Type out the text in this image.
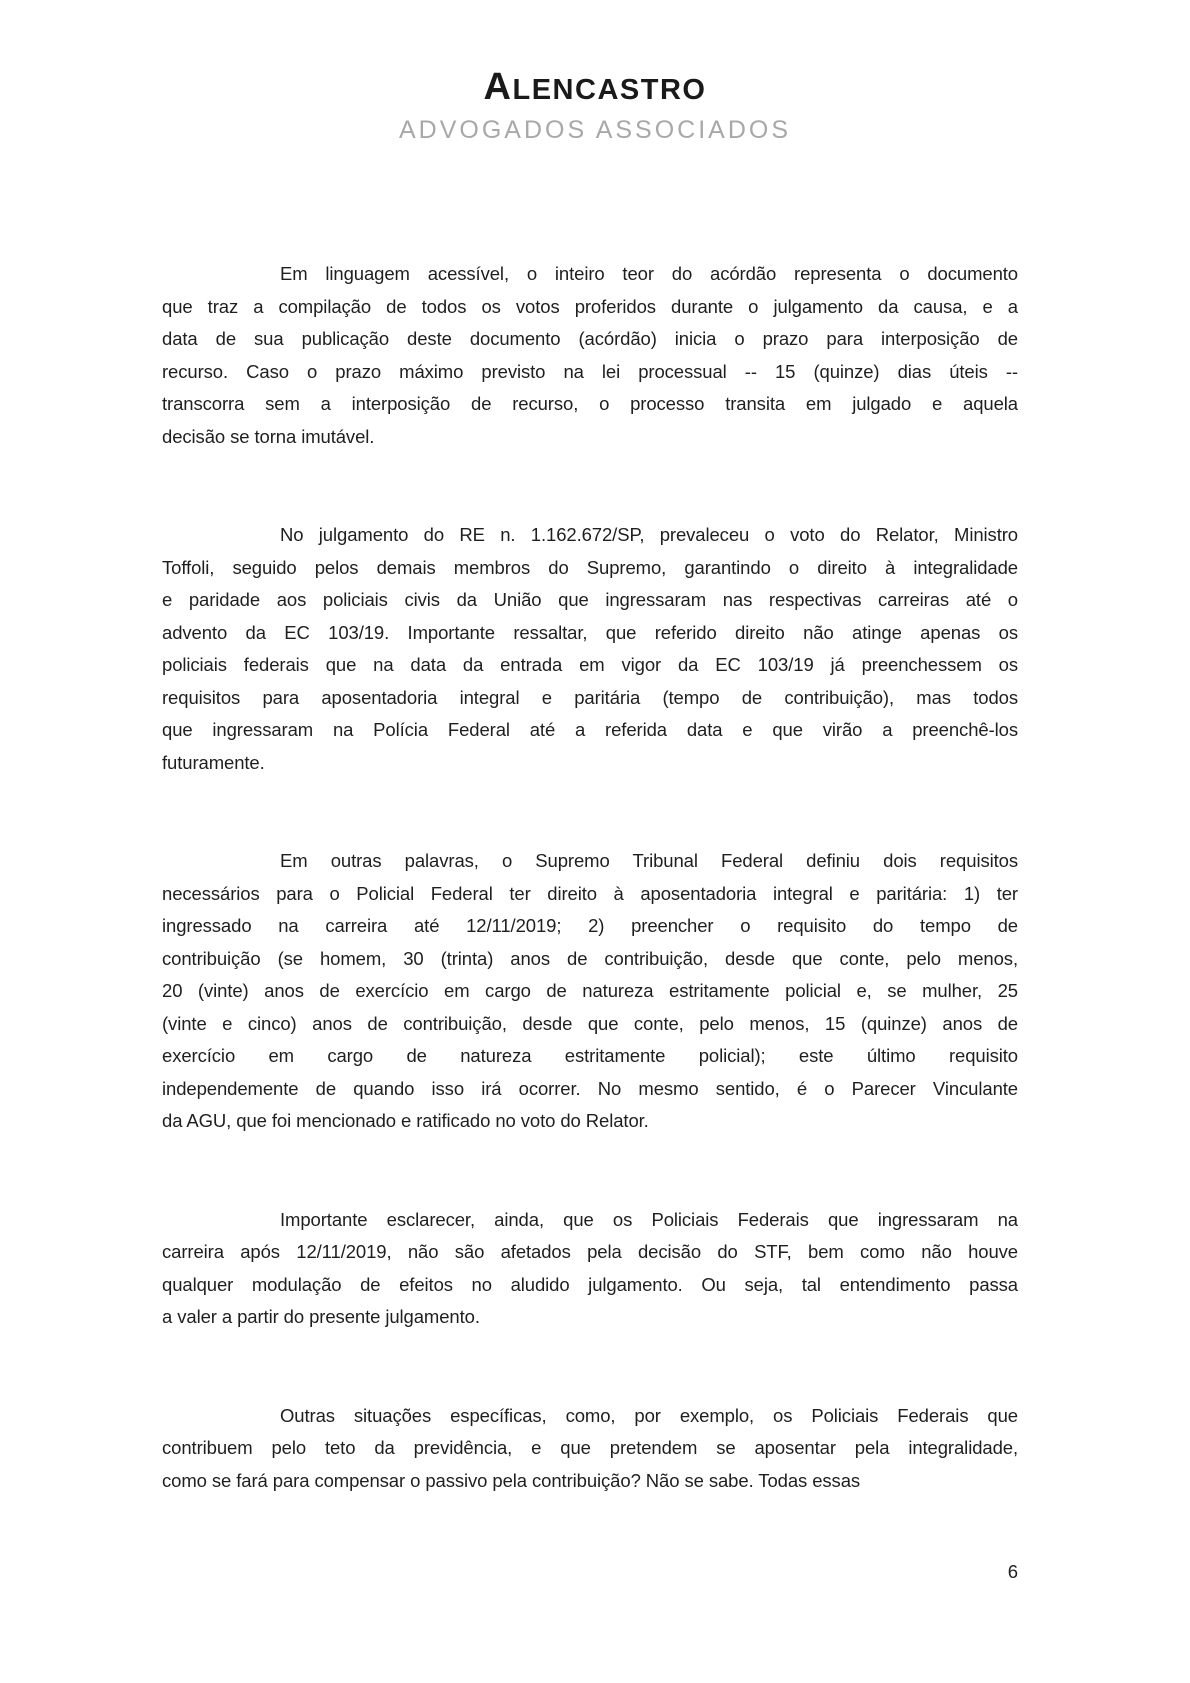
ALENCASTRO
ADVOGADOS ASSOCIADOS

Em linguagem acessível, o inteiro teor do acórdão representa o documento
que traz a compilação de todos os votos proferidos durante o julgamento da causa, e a
data de sua publicação deste documento (acórdão) inicia o prazo para interposição de
recurso. Caso o prazo máximo previsto na lei processual -- 15 (quinze) dias úteis --
transcorra sem a interposição de recurso, o processo transita em julgado e aquela
decisão se torna imutável.

No julgamento do RE n. 1.162.672/SP, prevaleceu o voto do Relator, Ministro
Toffoli, seguido pelos demais membros do Supremo, garantindo o direito à integralidade
e paridade aos policiais civis da União que ingressaram nas respectivas carreiras até o
advento da EC 103/19. Importante ressaltar, que referido direito não atinge apenas os
policiais federais que na data da entrada em vigor da EC 103/19 já preenchessem os
requisitos para aposentadoria integral e paritária (tempo de contribuição), mas todos
que ingressaram na Polícia Federal até a referida data e que virão a preenchê-los
futuramente.

Em outras palavras, o Supremo Tribunal Federal definiu dois requisitos
necessários para o Policial Federal ter direito à aposentadoria integral e paritária: 1) ter
ingressado na carreira até 12/11/2019; 2) preencher o requisito do tempo de
contribuição (se homem, 30 (trinta) anos de contribuição, desde que conte, pelo menos,
20 (vinte) anos de exercício em cargo de natureza estritamente policial e, se mulher, 25
(vinte e cinco) anos de contribuição, desde que conte, pelo menos, 15 (quinze) anos de
exercício em cargo de natureza estritamente policial); este último requisito
independemente de quando isso irá ocorrer. No mesmo sentido, é o Parecer Vinculante
da AGU, que foi mencionado e ratificado no voto do Relator.

Importante esclarecer, ainda, que os Policiais Federais que ingressaram na
carreira após 12/11/2019, não são afetados pela decisão do STF, bem como não houve
qualquer modulação de efeitos no aludido julgamento. Ou seja, tal entendimento passa
a valer a partir do presente julgamento.

Outras situações específicas, como, por exemplo, os Policiais Federais que
contribuem pelo teto da previdência, e que pretendem se aposentar pela integralidade,
como se fará para compensar o passivo pela contribuição? Não se sabe. Todas essas

6
